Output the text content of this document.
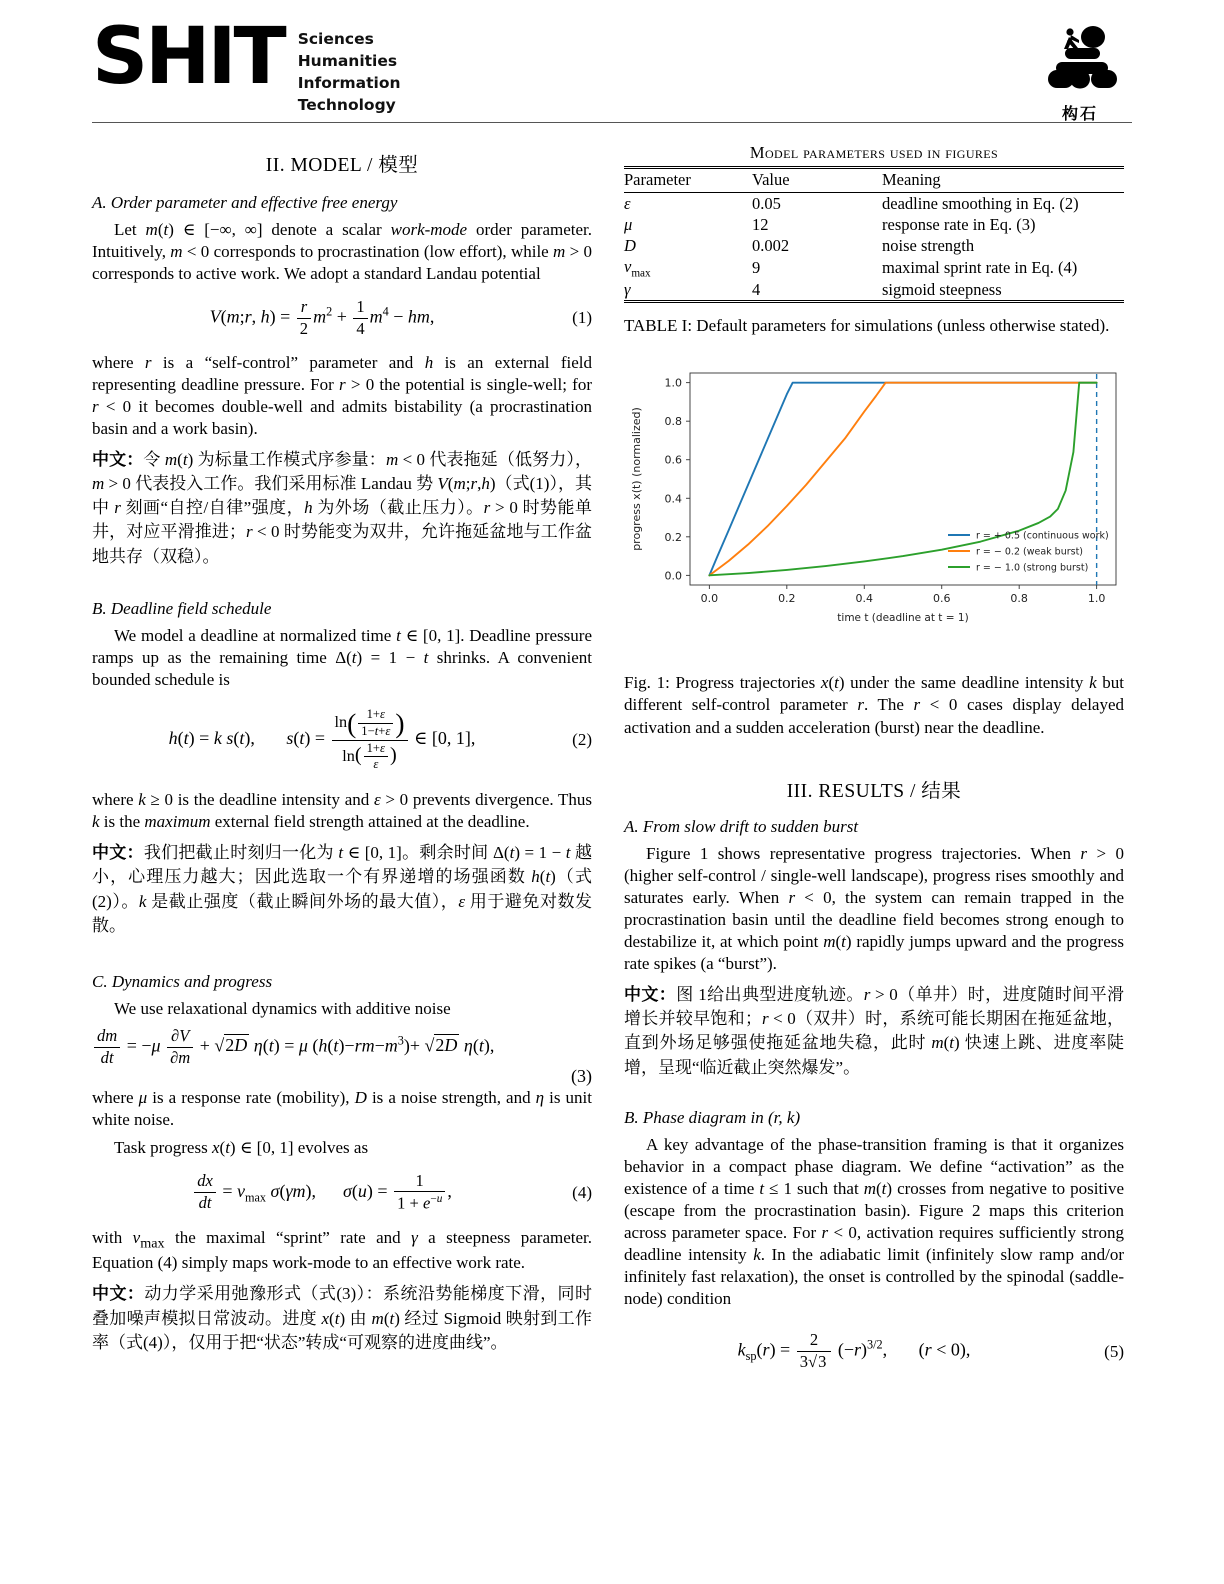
SHIT Sciences
Humanities
Information
Technology	构石
II. MODEL / 模型
A. Order parameter and effective free energy

Let m(t) ∈ [−∞, ∞] denote a scalar work-mode order parameter. Intuitively, m < 0 corresponds to procrastination (low effort), while m > 0 corresponds to active work. We adopt a standard Landau potential

V(m;r, $h) = \frac{r}{2} m^2 + \frac{1}{4} m^4$ − hm,	(1)

where r is a “self-control” parameter and h is an external field representing deadline pressure. For r > 0 the potential is single-well; for r < 0 it becomes double-well and admits bistability (a procrastination basin and a work basin).

中文：令 m(t) 为标量工作模式序参量：m < 0 代表拖延（低努力），m > 0 代表投入工作。我们采用标准 Landau 势 V(m;r,h)（式(1)），其中 r 刻画“自控/自律”强度，h 为外场（截止压力）。r > 0 时势能单井，对应平滑推进；r < 0 时势能变为双井，允许拖延盆地与工作盆地共存（双稳）。

B. Deadline field schedule

We model a deadline at normalized time t ∈ [0, 1]. Deadline pressure ramps up as the remaining time Δ(t) = 1 − t shrinks. A convenient bounded schedule is

h(t) = k s(t),       $s(t) = \frac{\ln( \frac{1+\varepsilon}{1-t+\varepsilon} )}{\ln( \frac{1+\varepsilon}{\varepsilon} )}$ ∈ [0, 1],	(2)

where k ≥ 0 is the deadline intensity and ε > 0 prevents divergence. Thus k is the maximum external field strength attained at the deadline.

中文：我们把截止时刻归一化为 t ∈ [0, 1]。剩余时间 Δ(t) = 1 − t 越小，心理压力越大；因此选取一个有界递增的场强函数 h(t)（式(2)）。k 是截止强度（截止瞬间外场的最大值），ε 用于避免对数发散。

C. Dynamics and progress

We use relaxational dynamics with additive noise

$\frac{dm}{dt} = -\mu \frac{\partial V}{\partial m} + √2D$ η(t) = μ $(h(t)-rm-m^3)+ √2D$ η(t),
(3)

where μ is a response rate (mobility), D is a noise strength, and η is unit white noise.

Task progress x(t) ∈ [0, 1] evolves as

$\frac{dx}{dt} = v_{max}$ σ(γm),      $\sigma(u) = \frac{1}{1 + e^{-u}}$ ,	(4)

with $v_{max}$ the maximal “sprint” rate and γ a steepness parameter. Equation (4) simply maps work-mode to an effective work rate.

中文：动力学采用弛豫形式（式(3)）：系统沿势能梯度下滑，同时叠加噪声模拟日常波动。进度 x(t) 由 m(t) 经过 Sigmoid 映射到工作率（式(4)），仅用于把“状态”转成“可观察的进度曲线”。

Model parameters used in figures
Parameter	Value	Meaning
ε	0.05	deadline smoothing in Eq. (2)
μ	12	response rate in Eq. (3)
D	0.002	noise strength
$v_{max}$	9	maximal sprint rate in Eq. (4)
γ	4	sigmoid steepness

TABLE I: Default parameters for simulations (unless otherwise stated).

0.0	0.2	0.4	0.6	0.8	1.0
0.0
0.2
0.4
0.6
0.8
1.0
time t (deadline at t = 1)
progress x(t) (normalized)	r = + 0.5 (continuous work)
r = − 0.2 (weak burst)
r = − 1.0 (strong burst)

Fig. 1: Progress trajectories x(t) under the same deadline intensity k but different self-control parameter r. The r < 0 cases display delayed activation and a sudden acceleration (burst) near the deadline.

III. RESULTS / 结果
A. From slow drift to sudden burst

Figure 1 shows representative progress trajectories. When r > 0 (higher self-control / single-well landscape), progress rises smoothly and saturates early. When r < 0, the system can remain trapped in the procrastination basin until the deadline field becomes strong enough to destabilize it, at which point m(t) rapidly jumps upward and the progress rate spikes (a “burst”).

中文：图 1给出典型进度轨迹。r > 0（单井）时，进度随时间平滑增长并较早饱和；r < 0（双井）时，系统可能长期困在拖延盆地，直到外场足够强使拖延盆地失稳，此时 m(t) 快速上跳、进度率陡增，呈现“临近截止突然爆发”。

B. Phase diagram in (r, k)

A key advantage of the phase-transition framing is that it organizes behavior in a compact phase diagram. We define “activation” as the existence of a time t ≤ 1 such that m(t) crosses from negative to positive (escape from the procrastination basin). Figure 2 maps this criterion across parameter space. For r < 0, activation requires sufficiently strong deadline intensity k. In the adiabatic limit (infinitely slow ramp and/or infinitely fast relaxation), the onset is controlled by the spinodal (saddle-node) condition

$k_{sp}(r) = \frac{2}{3√3} (-r)^{3/2}$,       (r < 0),	(5)
